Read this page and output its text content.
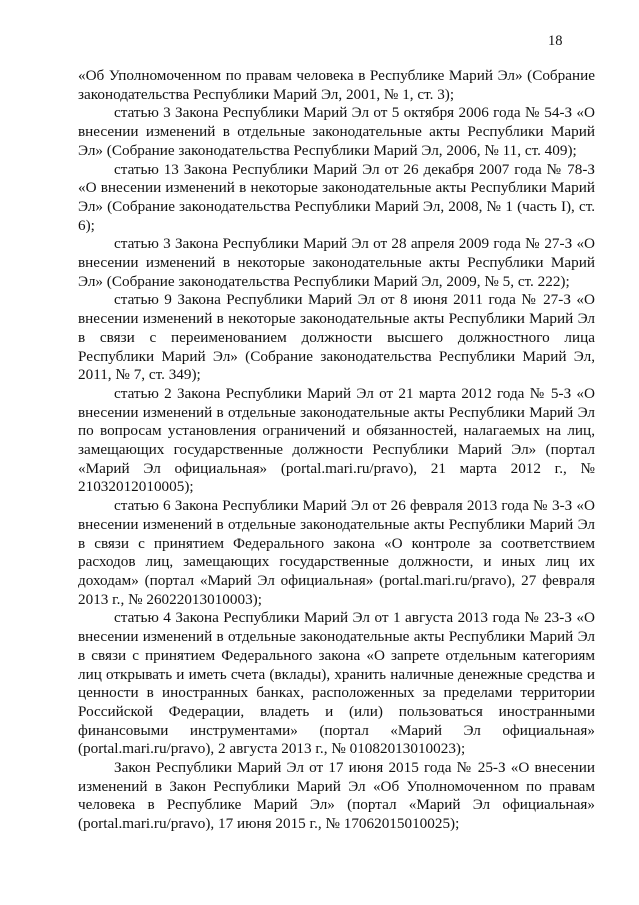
18

«Об Уполномоченном по правам человека в Республике Марий Эл» (Собрание законодательства Республики Марий Эл, 2001, № 1, ст. 3);

статью 3 Закона Республики Марий Эл от 5 октября 2006 года № 54-З «О внесении изменений в отдельные законодательные акты Республики Марий Эл» (Собрание законодательства Республики Марий Эл, 2006, № 11, ст. 409);

статью 13 Закона Республики Марий Эл от 26 декабря 2007 года № 78-З «О внесении изменений в некоторые законодательные акты Республики Марий Эл» (Собрание законодательства Республики Марий Эл, 2008, № 1 (часть I), ст. 6);

статью 3 Закона Республики Марий Эл от 28 апреля 2009 года № 27-З «О внесении изменений в некоторые законодательные акты Республики Марий Эл» (Собрание законодательства Республики Марий Эл, 2009, № 5, ст. 222);

статью 9 Закона Республики Марий Эл от 8 июня 2011 года № 27-З «О внесении изменений в некоторые законодательные акты Республики Марий Эл в связи с переименованием должности высшего должностного лица Республики Марий Эл» (Собрание законодательства Республики Марий Эл, 2011, № 7, ст. 349);

статью 2 Закона Республики Марий Эл от 21 марта 2012 года № 5-З «О внесении изменений в отдельные законодательные акты Республики Марий Эл по вопросам установления ограничений и обязанностей, налагаемых на лиц, замещающих государственные должности Республики Марий Эл» (портал «Марий Эл официальная» (portal.mari.ru/pravo), 21 марта 2012 г., № 21032012010005);

статью 6 Закона Республики Марий Эл от 26 февраля 2013 года № 3-З «О внесении изменений в отдельные законодательные акты Республики Марий Эл в связи с принятием Федерального закона «О контроле за соответствием расходов лиц, замещающих государственные должности, и иных лиц их доходам» (портал «Марий Эл официальная» (portal.mari.ru/pravo), 27 февраля 2013 г., № 26022013010003);

статью 4 Закона Республики Марий Эл от 1 августа 2013 года № 23-З «О внесении изменений в отдельные законодательные акты Республики Марий Эл в связи с принятием Федерального закона «О запрете отдельным категориям лиц открывать и иметь счета (вклады), хранить наличные денежные средства и ценности в иностранных банках, расположенных за пределами территории Российской Федерации, владеть и (или) пользоваться иностранными финансовыми инструментами» (портал «Марий Эл официальная» (portal.mari.ru/pravo), 2 августа 2013 г., № 01082013010023);

Закон Республики Марий Эл от 17 июня 2015 года № 25-З «О внесении изменений в Закон Республики Марий Эл «Об Уполномоченном по правам человека в Республике Марий Эл» (портал «Марий Эл официальная» (portal.mari.ru/pravo), 17 июня 2015 г., № 17062015010025);
